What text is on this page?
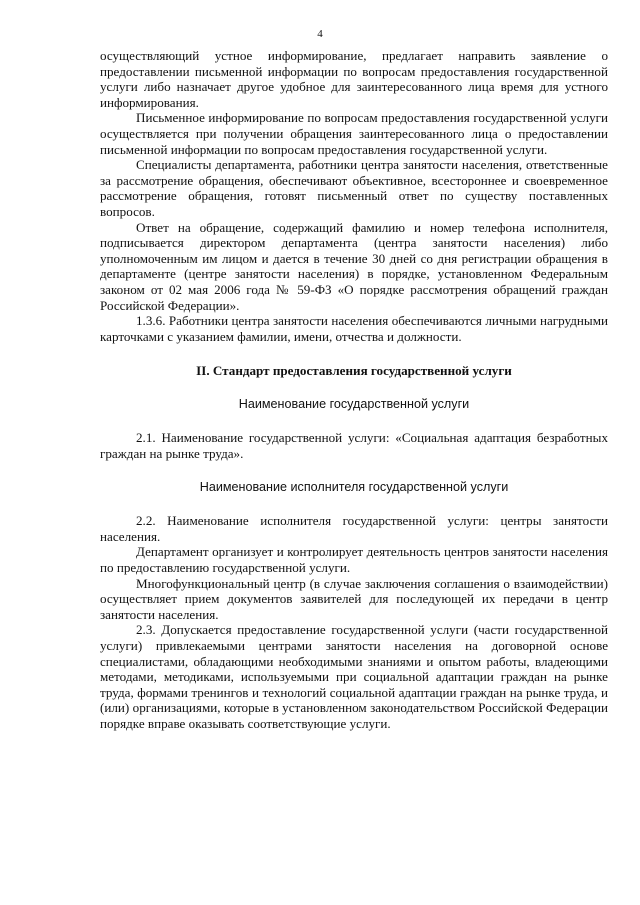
4

осуществляющий устное информирование, предлагает направить заявление о предоставлении письменной информации по вопросам предоставления государственной услуги либо назначает другое удобное для заинтересованного лица время для устного информирования.

Письменное информирование по вопросам предоставления государственной услуги осуществляется при получении обращения заинтересованного лица о предоставлении письменной информации по вопросам предоставления государственной услуги.

Специалисты департамента, работники центра занятости населения, ответственные за рассмотрение обращения, обеспечивают объективное, всестороннее и своевременное рассмотрение обращения, готовят письменный ответ по существу поставленных вопросов.

Ответ на обращение, содержащий фамилию и номер телефона исполнителя, подписывается директором департамента (центра занятости населения) либо уполномоченным им лицом и дается в течение 30 дней со дня регистрации обращения в департаменте (центре занятости населения) в порядке, установленном Федеральным законом от 02 мая 2006 года № 59-ФЗ «О порядке рассмотрения обращений граждан Российской Федерации».

1.3.6. Работники центра занятости населения обеспечиваются личными нагрудными карточками с указанием фамилии, имени, отчества и должности.

II. Стандарт предоставления государственной услуги
Наименование государственной услуги

2.1. Наименование государственной услуги: «Социальная адаптация безработных граждан на рынке труда».

Наименование исполнителя государственной услуги

2.2. Наименование исполнителя государственной услуги: центры занятости населения.

Департамент организует и контролирует деятельность центров занятости населения по предоставлению государственной услуги.

Многофункциональный центр (в случае заключения соглашения о взаимодействии) осуществляет прием документов заявителей для последующей их передачи в центр занятости населения.

2.3. Допускается предоставление государственной услуги (части государственной услуги) привлекаемыми центрами занятости населения на договорной основе специалистами, обладающими необходимыми знаниями и опытом работы, владеющими методами, методиками, используемыми при социальной адаптации граждан на рынке труда, формами тренингов и технологий социальной адаптации граждан на рынке труда, и (или) организациями, которые в установленном законодательством Российской Федерации порядке вправе оказывать соответствующие услуги.
